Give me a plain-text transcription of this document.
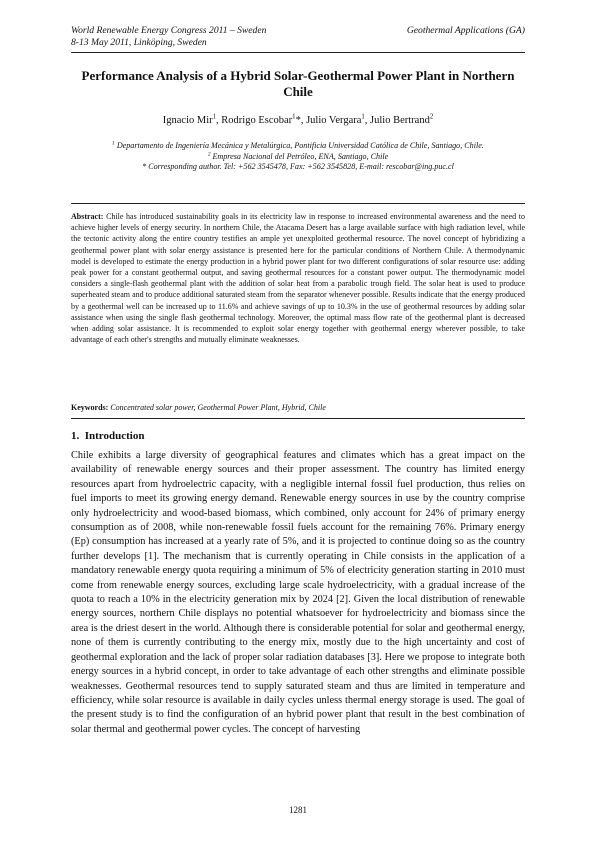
World Renewable Energy Congress 2011 – Sweden	Geothermal Applications (GA)
8-13 May 2011, Linköping, Sweden
Performance Analysis of a Hybrid Solar-Geothermal Power Plant in Northern Chile
Ignacio Mir$^1$, Rodrigo Escobar$^1$*, Julio Vergara$^1$, Julio Bertrand$^2$
$^1$ Departamento de Ingeniería Mecánica y Metalúrgica, Pontificia Universidad Católica de Chile, Santiago, Chile.
$^2$ Empresa Nacional del Petróleo, ENA, Santiago, Chile
* Corresponding author. Tel: +562 3545478, Fax: +562 3545828, E-mail: rescobar@ing.puc.cl
Abstract: Chile has introduced sustainability goals in its electricity law in response to increased environmental awareness and the need to achieve higher levels of energy security. In northern Chile, the Atacama Desert has a large available surface with high radiation level, while the tectonic activity along the entire country testifies an ample yet unexploited geothermal resource. The novel concept of hybridizing a geothermal power plant with solar energy assistance is presented here for the particular conditions of Northern Chile. A thermodynamic model is developed to estimate the energy production in a hybrid power plant for two different configurations of solar resource use: adding peak power for a constant geothermal output, and saving geothermal resources for a constant power output. The thermodynamic model considers a single-flash geothermal plant with the addition of solar heat from a parabolic trough field. The solar heat is used to produce superheated steam and to produce additional saturated steam from the separator whenever possible. Results indicate that the energy produced by a geothermal well can be increased up to 11.6% and achieve savings of up to 10.3% in the use of geothermal resources by adding solar assistance when using the single flash geothermal technology. Moreover, the optimal mass flow rate of the geothermal plant is decreased when adding solar assistance. It is recommended to exploit solar energy together with geothermal energy wherever possible, to take advantage of each other's strengths and mutually eliminate weaknesses.
Keywords: Concentrated solar power, Geothermal Power Plant, Hybrid, Chile
1. Introduction
Chile exhibits a large diversity of geographical features and climates which has a great impact on the availability of renewable energy sources and their proper assessment. The country has limited energy resources apart from hydroelectric capacity, with a negligible internal fossil fuel production, thus relies on fuel imports to meet its growing energy demand. Renewable energy sources in use by the country comprise only hydroelectricity and wood-based biomass, which combined, only account for 24% of primary energy consumption as of 2008, while non-renewable fossil fuels account for the remaining 76%. Primary energy (Ep) consumption has increased at a yearly rate of 5%, and it is projected to continue doing so as the country further develops [1]. The mechanism that is currently operating in Chile consists in the application of a mandatory renewable energy quota requiring a minimum of 5% of electricity generation starting in 2010 must come from renewable energy sources, excluding large scale hydroelectricity, with a gradual increase of the quota to reach a 10% in the electricity generation mix by 2024 [2]. Given the local distribution of renewable energy sources, northern Chile displays no potential whatsoever for hydroelectricity and biomass since the area is the driest desert in the world. Although there is considerable potential for solar and geothermal energy, none of them is currently contributing to the energy mix, mostly due to the high uncertainty and cost of geothermal exploration and the lack of proper solar radiation databases [3]. Here we propose to integrate both energy sources in a hybrid concept, in order to take advantage of each other strengths and eliminate possible weaknesses. Geothermal resources tend to supply saturated steam and thus are limited in temperature and efficiency, while solar resource is available in daily cycles unless thermal energy storage is used. The goal of the present study is to find the configuration of an hybrid power plant that result in the best combination of solar thermal and geothermal power cycles. The concept of harvesting
1281
